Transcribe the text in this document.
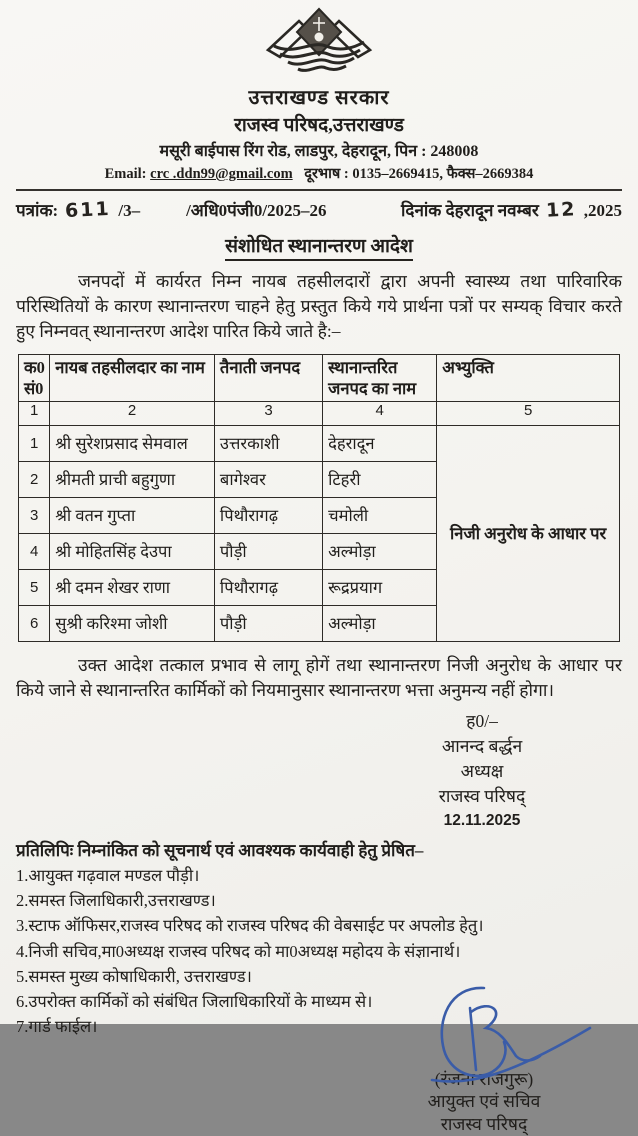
उत्तराखण्ड सरकार
राजस्व परिषद,उत्तराखण्ड
मसूरी बाईपास रिंग रोड, लाडपुर, देहरादून, पिन : 248008
Email: crc .ddn99@gmail.com दूरभाष : 0135–2669415, फैक्स–2669384
पत्रांक: 611 /3–	/अधि0पंजी0/2025–26	दिनांक देहरादून नवम्बर 12 ,2025
संशोधित स्थानान्तरण आदेश

जनपदों में कार्यरत निम्न नायब तहसीलदारों द्वारा अपनी स्वास्थ्य तथा पारिवारिक परिस्थितियों के कारण स्थानान्तरण चाहने हेतु प्रस्तुत किये गये प्रार्थना पत्रों पर सम्यक् विचार करते हुए निम्नवत् स्थानान्तरण आदेश पारित किये जाते है:–

क0 सं0	नायब तहसीलदार का नाम	तैनाती जनपद	स्थानान्तरित जनपद का नाम	अभ्युक्ति
1	2	3	4	5
1	श्री सुरेशप्रसाद सेमवाल	उत्तरकाशी	देहरादून	निजी अनुरोध के आधार पर
2	श्रीमती प्राची बहुगुणा	बागेश्वर	टिहरी	
3	श्री वतन गुप्ता	पिथौरागढ़	चमोली	
4	श्री मोहितसिंह देउपा	पौड़ी	अल्मोड़ा	
5	श्री दमन शेखर राणा	पिथौरागढ़	रूद्रप्रयाग	
6	सुश्री करिश्मा जोशी	पौड़ी	अल्मोड़ा	

उक्त आदेश तत्काल प्रभाव से लागू होगें तथा स्थानान्तरण निजी अनुरोध के आधार पर किये जाने से स्थानान्तरित कार्मिकों को नियमानुसार स्थानान्तरण भत्ता अनुमन्य नहीं होगा।

ह0/–
आनन्द बर्द्धन
अध्यक्ष
राजस्व परिषद्
12.11.2025
प्रतिलिपिः निम्नांकित को सूचनार्थ एवं आवश्यक कार्यवाही हेतु प्रेषित–
1.आयुक्त गढ़वाल मण्डल पौड़ी।
2.समस्त जिलाधिकारी,उत्तराखण्ड।
3.स्टाफ ऑफिसर,राजस्व परिषद को राजस्व परिषद की वेबसाईट पर अपलोड हेतु।
4.निजी सचिव,मा0अध्यक्ष राजस्व परिषद को मा0अध्यक्ष महोदय के संज्ञानार्थ।
5.समस्त मुख्य कोषाधिकारी, उत्तराखण्ड।
6.उपरोक्त कार्मिकों को संबंधित जिलाधिकारियों के माध्यम से।
7.गार्ड फाईल।
(रंजना राजगुरू)
आयुक्त एवं सचिव
राजस्व परिषद्
